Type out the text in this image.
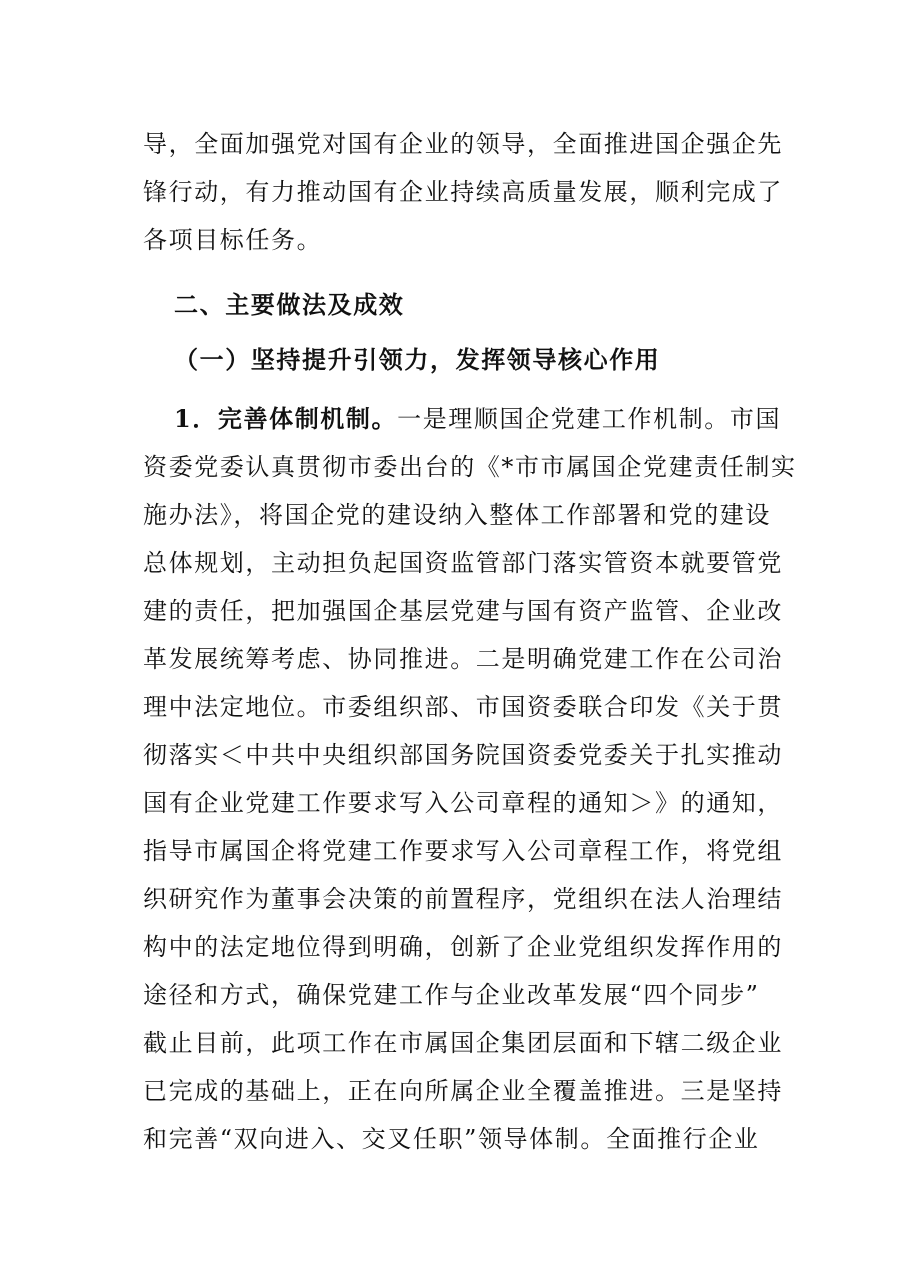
导，全面加强党对国有企业的领导，全面推进国企强企先
锋行动，有力推动国有企业持续高质量发展，顺利完成了
各项目标任务。
二、主要做法及成效
（一）坚持提升引领力，发挥领导核心作用
1．完善体制机制。一是理顺国企党建工作机制。市国
资委党委认真贯彻市委出台的《*市市属国企党建责任制实
施办法》，将国企党的建设纳入整体工作部署和党的建设
总体规划，主动担负起国资监管部门落实管资本就要管党
建的责任，把加强国企基层党建与国有资产监管、企业改
革发展统筹考虑、协同推进。二是明确党建工作在公司治
理中法定地位。市委组织部、市国资委联合印发《关于贯
彻落实＜中共中央组织部国务院国资委党委关于扎实推动
国有企业党建工作要求写入公司章程的通知＞》的通知，
指导市属国企将党建工作要求写入公司章程工作，将党组
织研究作为董事会决策的前置程序，党组织在法人治理结
构中的法定地位得到明确，创新了企业党组织发挥作用的
途径和方式，确保党建工作与企业改革发展“四个同步”
截止目前，此项工作在市属国企集团层面和下辖二级企业
已完成的基础上，正在向所属企业全覆盖推进。三是坚持
和完善“双向进入、交叉任职”领导体制。全面推行企业
